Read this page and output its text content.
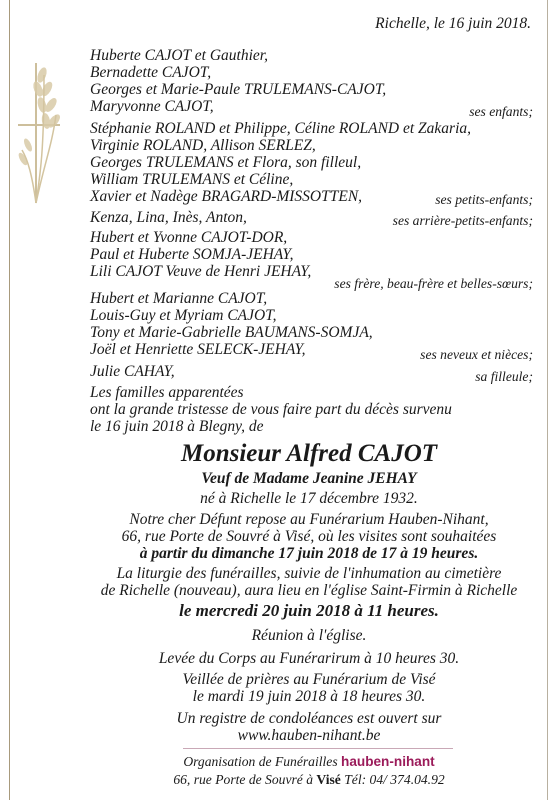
Richelle, le 16 juin 2018.
Huberte CAJOT et Gauthier,
Bernadette CAJOT,
Georges et Marie-Paule TRULEMANS-CAJOT,
Maryvonne CAJOT,	ses enfants;
Stéphanie ROLAND et Philippe, Céline ROLAND et Zakaria,
Virginie ROLAND, Allison SERLEZ,
Georges TRULEMANS et Flora, son filleul,
William TRULEMANS et Céline,
Xavier et Nadège BRAGARD-MISSOTTEN,	ses petits-enfants;
Kenza, Lina, Inès, Anton,	ses arrière-petits-enfants;
Hubert et Yvonne CAJOT-DOR,
Paul et Huberte SOMJA-JEHAY,
Lili CAJOT Veuve de Henri JEHAY,
ses frère, beau-frère et belles-sœurs;
Hubert et Marianne CAJOT,
Louis-Guy et Myriam CAJOT,
Tony et Marie-Gabrielle BAUMANS-SOMJA,
Joël et Henriette SELECK-JEHAY,	ses neveux et nièces;
Julie CAHAY,	sa filleule;
Les familles apparentées
ont la grande tristesse de vous faire part du décès survenu
le 16 juin 2018 à Blegny, de
Monsieur Alfred CAJOT
Veuf de Madame Jeanine JEHAY
né à Richelle le 17 décembre 1932.
Notre cher Défunt repose au Funérarium Hauben-Nihant,
66, rue Porte de Souvré à Visé, où les visites sont souhaitées
à partir du dimanche 17 juin 2018 de 17 à 19 heures.
La liturgie des funérailles, suivie de l'inhumation au cimetière
de Richelle (nouveau), aura lieu en l'église Saint-Firmin à Richelle
le mercredi 20 juin 2018 à 11 heures.
Réunion à l'église.
Levée du Corps au Funérarirum à 10 heures 30.
Veillée de prières au Funérarium de Visé
le mardi 19 juin 2018 à 18 heures 30.
Un registre de condoléances est ouvert sur
www.hauben-nihant.be
Organisation de Funérailles hauben-nihant
66, rue Porte de Souvré à Visé Tél: 04/ 374.04.92
